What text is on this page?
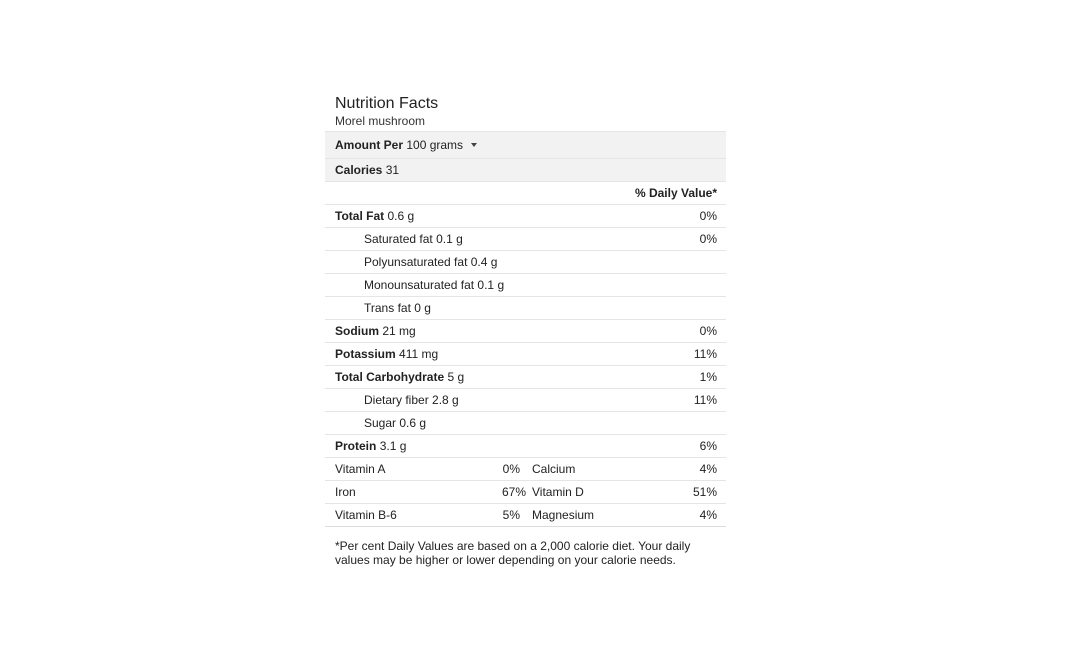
Nutrition Facts
Morel mushroom
Amount Per 100 grams
Calories 31
% Daily Value*
Total Fat 0.6 g	0%
Saturated fat 0.1 g	0%
Polyunsaturated fat 0.4 g
Monounsaturated fat 0.1 g
Trans fat 0 g
Sodium 21 mg	0%
Potassium 411 mg	11%
Total Carbohydrate 5 g	1%
Dietary fiber 2.8 g	11%
Sugar 0.6 g
Protein 3.1 g	6%
Vitamin A	0% Calcium	4%
Iron	67% Vitamin D	51%
Vitamin B-6	5% Magnesium	4%
*Per cent Daily Values are based on a 2,000 calorie diet. Your daily values may be higher or lower depending on your calorie needs.
